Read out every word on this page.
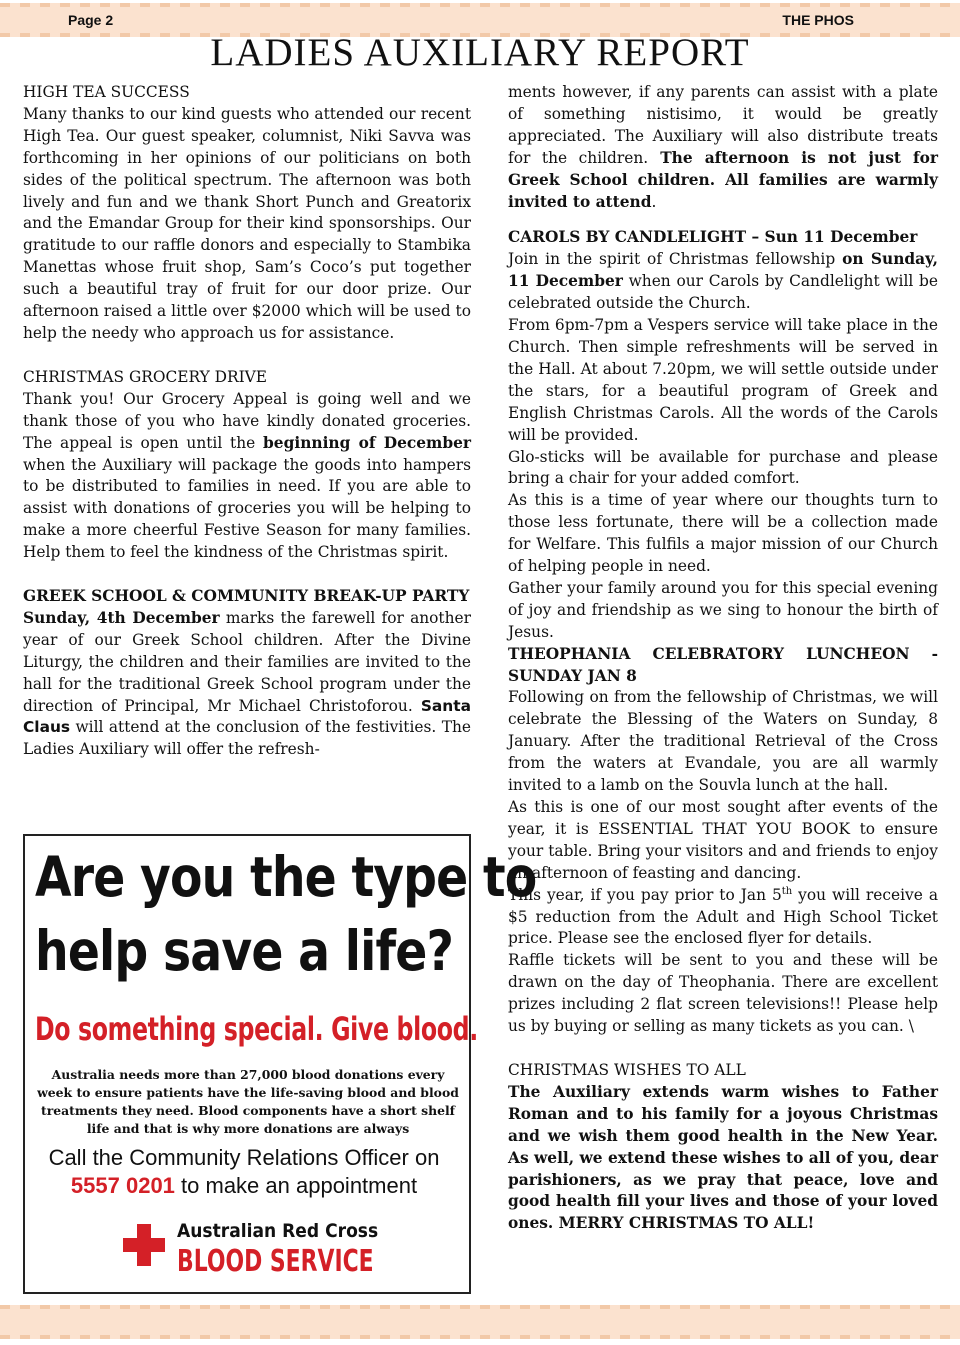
Page 2	THE PHOS
LADIES AUXILIARY REPORT

HIGH TEA SUCCESS

Many thanks to our kind guests who attended our recent High Tea. Our guest speaker, columnist, Niki Savva was forthcoming in her opinions of our politicians on both sides of the political spectrum. The afternoon was both lively and fun and we thank Short Punch and Greatorix and the Emandar Group for their kind sponsorships. Our gratitude to our raffle donors and especially to Stambika Manettas whose fruit shop, Sam’s Coco’s put together such a beautiful tray of fruit for our door prize. Our afternoon raised a little over $2000 which will be used to help the needy who approach us for assistance.

CHRISTMAS GROCERY DRIVE

Thank you! Our Grocery Appeal is going well and we thank those of you who have kindly donated groceries. The appeal is open until the beginning of December when the Auxiliary will package the goods into hampers to be distributed to families in need. If you are able to assist with donations of groceries you will be helping to make a more cheerful Festive Season for many families. Help them to feel the kindness of the Christmas spirit.

GREEK SCHOOL & COMMUNITY BREAK-UP PARTY

Sunday, 4th December marks the farewell for another year of our Greek School children. After the Divine Liturgy, the children and their families are invited to the hall for the traditional Greek School program under the direction of Principal, Mr Michael Christoforou. Santa Claus will attend at the conclusion of the festivities. The Ladies Auxiliary will offer the refresh-

Are you the type to
help save a life?
Do something special. Give blood.
Australia needs more than 27,000 blood donations every week to ensure patients have the life-saving blood and blood treatments they need. Blood components have a short shelf life and that is why more donations are always
Call the Community Relations Officer on
5557 0201 to make an appointment
Australian Red Cross
BLOOD SERVICE

ments however, if any parents can assist with a plate of something nistisimo, it would be greatly appreciated. The Auxiliary will also distribute treats for the children. The afternoon is not just for Greek School children. All families are warmly invited to attend.

CAROLS BY CANDLELIGHT – Sun 11 December

Join in the spirit of Christmas fellowship on Sunday, 11 December when our Carols by Candlelight will be celebrated outside the Church.

From 6pm-7pm a Vespers service will take place in the Church. Then simple refreshments will be served in the Hall. At about 7.20pm, we will settle outside under the stars, for a beautiful program of Greek and English Christmas Carols. All the words of the Carols will be provided.

Glo-sticks will be available for purchase and please bring a chair for your added comfort.

As this is a time of year where our thoughts turn to those less fortunate, there will be a collection made for Welfare. This fulfils a major mission of our Church of helping people in need.

Gather your family around you for this special evening of joy and friendship as we sing to honour the birth of Jesus.

THEOPHANIA CELEBRATORY LUNCHEON - SUNDAY JAN 8

Following on from the fellowship of Christmas, we will celebrate the Blessing of the Waters on Sunday, 8 January. After the traditional Retrieval of the Cross from the waters at Evandale, you are all warmly invited to a lamb on the Souvla lunch at the hall.

As this is one of our most sought after events of the year, it is ESSENTIAL THAT YOU BOOK to ensure your table. Bring your visitors and and friends to enjoy an afternoon of feasting and dancing.

This year, if you pay prior to Jan 5th you will receive a $5 reduction from the Adult and High School Ticket price. Please see the enclosed flyer for details.

Raffle tickets will be sent to you and these will be drawn on the day of Theophania. There are excellent prizes including 2 flat screen televisions!! Please help us by buying or selling as many tickets as you can. \

CHRISTMAS WISHES TO ALL

The Auxiliary extends warm wishes to Father Roman and to his family for a joyous Christmas and we wish them good health in the New Year. As well, we extend these wishes to all of you, dear parishioners, as we pray that peace, love and good health fill your lives and those of your loved ones. MERRY CHRISTMAS TO ALL!
